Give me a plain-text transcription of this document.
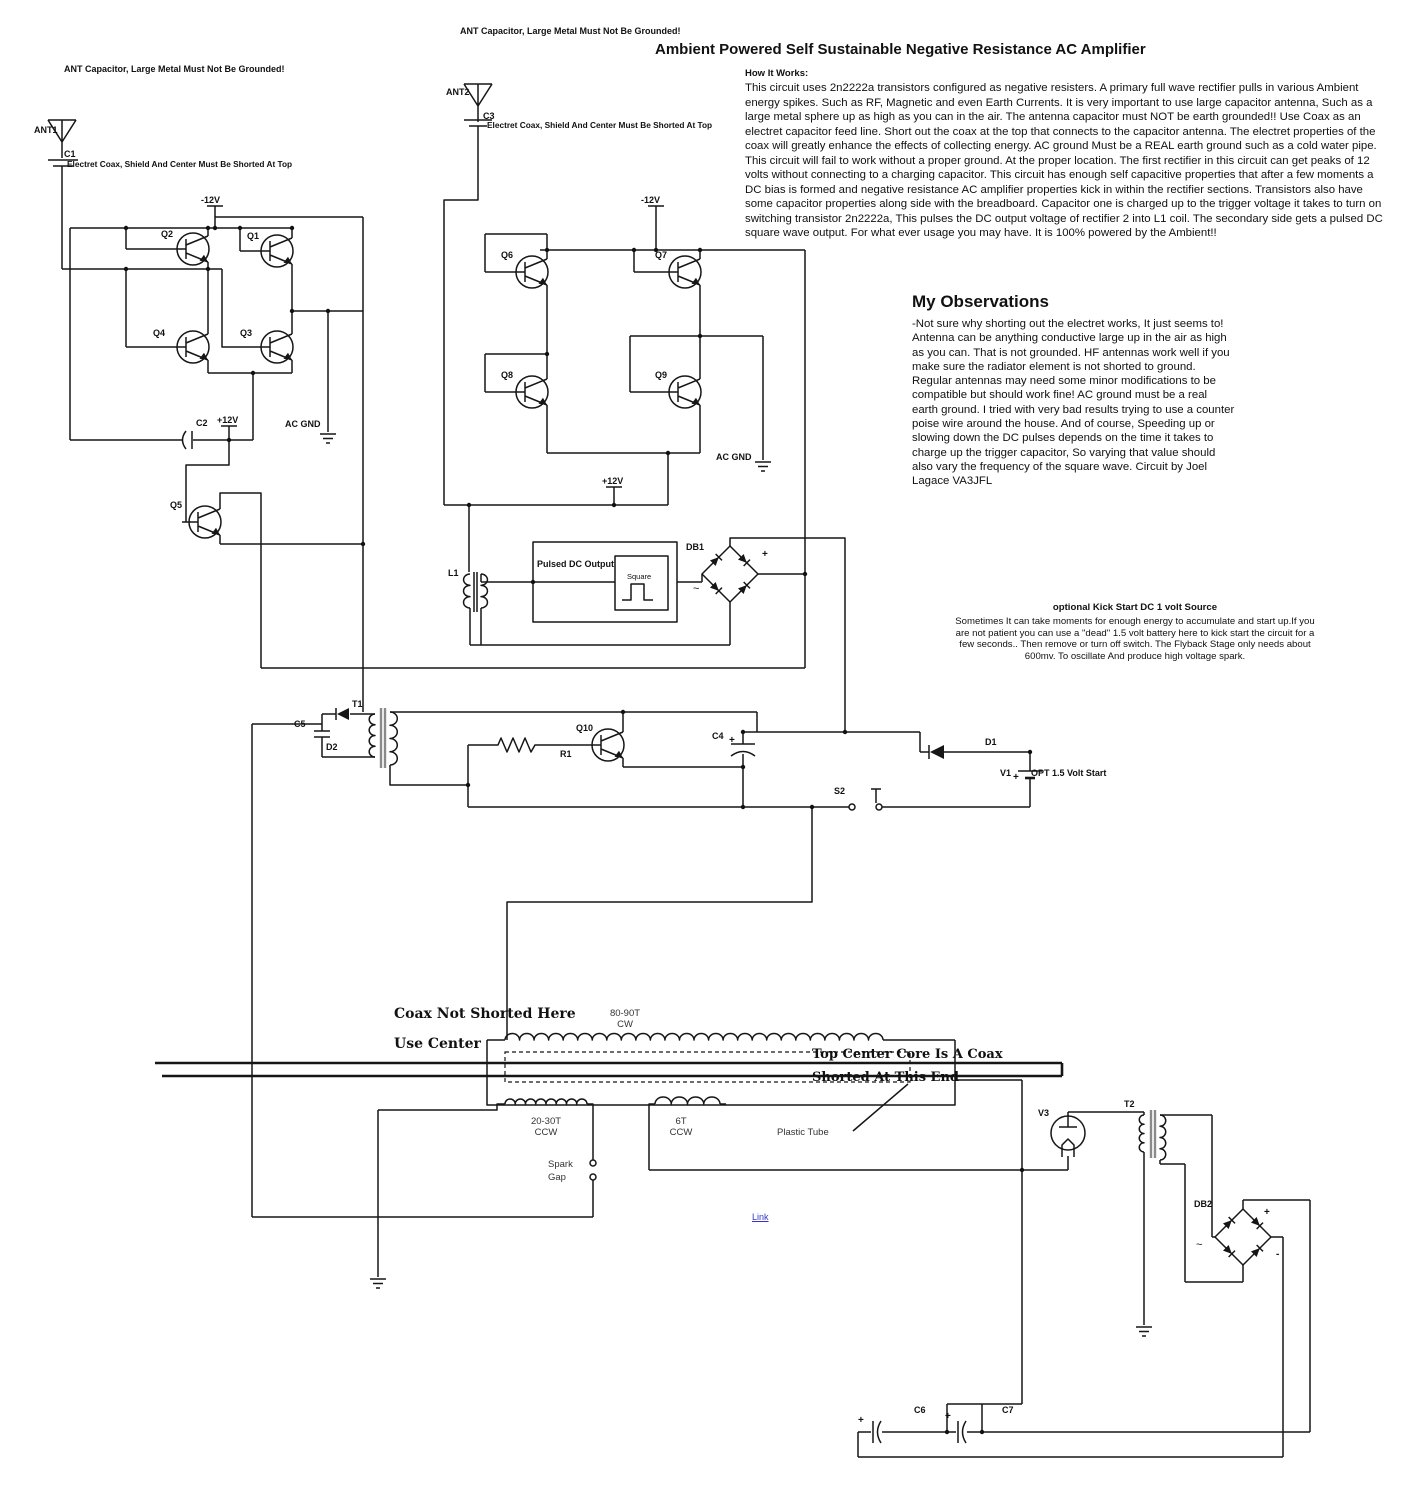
ANT1
C1
Electret Coax, Shield And Center Must Be Shorted At Top
ANT2
C3
Electret Coax, Shield And Center Must Be Shorted At Top
-12V	-12V
+12V
+12V
AC GND
AC GND
C2
Q2	Q1
Q4	Q3
Q5
Q6	Q7
Q8	Q9
Q10
L1
Pulsed DC Output
Square
DB1
+
~
T1
C5
D2
R1
C4 +	D1
S2
V1 + OPT 1.5 Volt Start
V3
T2
DB2
+
-
~
C6	C7
+	+
Spark
Gap
80-90T
CW
20-30T
CCW
6T
CCW	Plastic Tube
Coax Not Shorted Here
Use Center
Top Center Core Is A Coax
Shorted At This End
ANT Capacitor, Large Metal Must Not Be Grounded!
Ambient Powered Self Sustainable Negative Resistance AC Amplifier
ANT Capacitor, Large Metal Must Not Be Grounded!	How It Works:
This circuit uses 2n2222a transistors configured as negative resisters. A primary full wave rectifier pulls in various Ambient energy spikes. Such as RF, Magnetic and even Earth Currents. It is very important to use large capacitor antenna, Such as a large metal sphere up as high as you can in the air. The antenna capacitor must NOT be earth grounded!! Use Coax as an electret capacitor feed line. Short out the coax at the top that connects to the capacitor antenna. The electret properties of the coax will greatly enhance the effects of collecting energy. AC ground Must be a REAL earth ground such as a cold water pipe. This circuit will fail to work without a proper ground. At the proper location. The first rectifier in this circuit can get peaks of 12 volts without connecting to a charging capacitor. This circuit has enough self capacitive properties that after a few moments a DC bias is formed and negative resistance AC amplifier properties kick in within the rectifier sections. Transistors also have some capacitor properties along side with the breadboard. Capacitor one is charged up to the trigger voltage it takes to turn on switching transistor 2n2222a, This pulses the DC output voltage of rectifier 2 into L1 coil. The secondary side gets a pulsed DC square wave output. For what ever usage you may have. It is 100% powered by the Ambient!!
My Observations
-Not sure why shorting out the electret works, It just seems to! Antenna can be anything conductive large up in the air as high as you can. That is not grounded. HF antennas work well if you make sure the radiator element is not shorted to ground. Regular antennas may need some minor modifications to be compatible but should work fine! AC ground must be a real earth ground. I tried with very bad results trying to use a counter poise wire around the house. And of course, Speeding up or slowing down the DC pulses depends on the time it takes to charge up the trigger capacitor, So varying that value should also vary the frequency of the square wave. Circuit by Joel Lagace VA3JFL
optional Kick Start DC 1 volt Source
Sometimes It can take moments for enough energy to accumulate and start up.If you are not patient you can use a "dead" 1.5 volt battery here to kick start the circuit for a few seconds.. Then remove or turn off switch. The Flyback Stage only needs about 600mv. To oscillate And produce high voltage spark.
Link
